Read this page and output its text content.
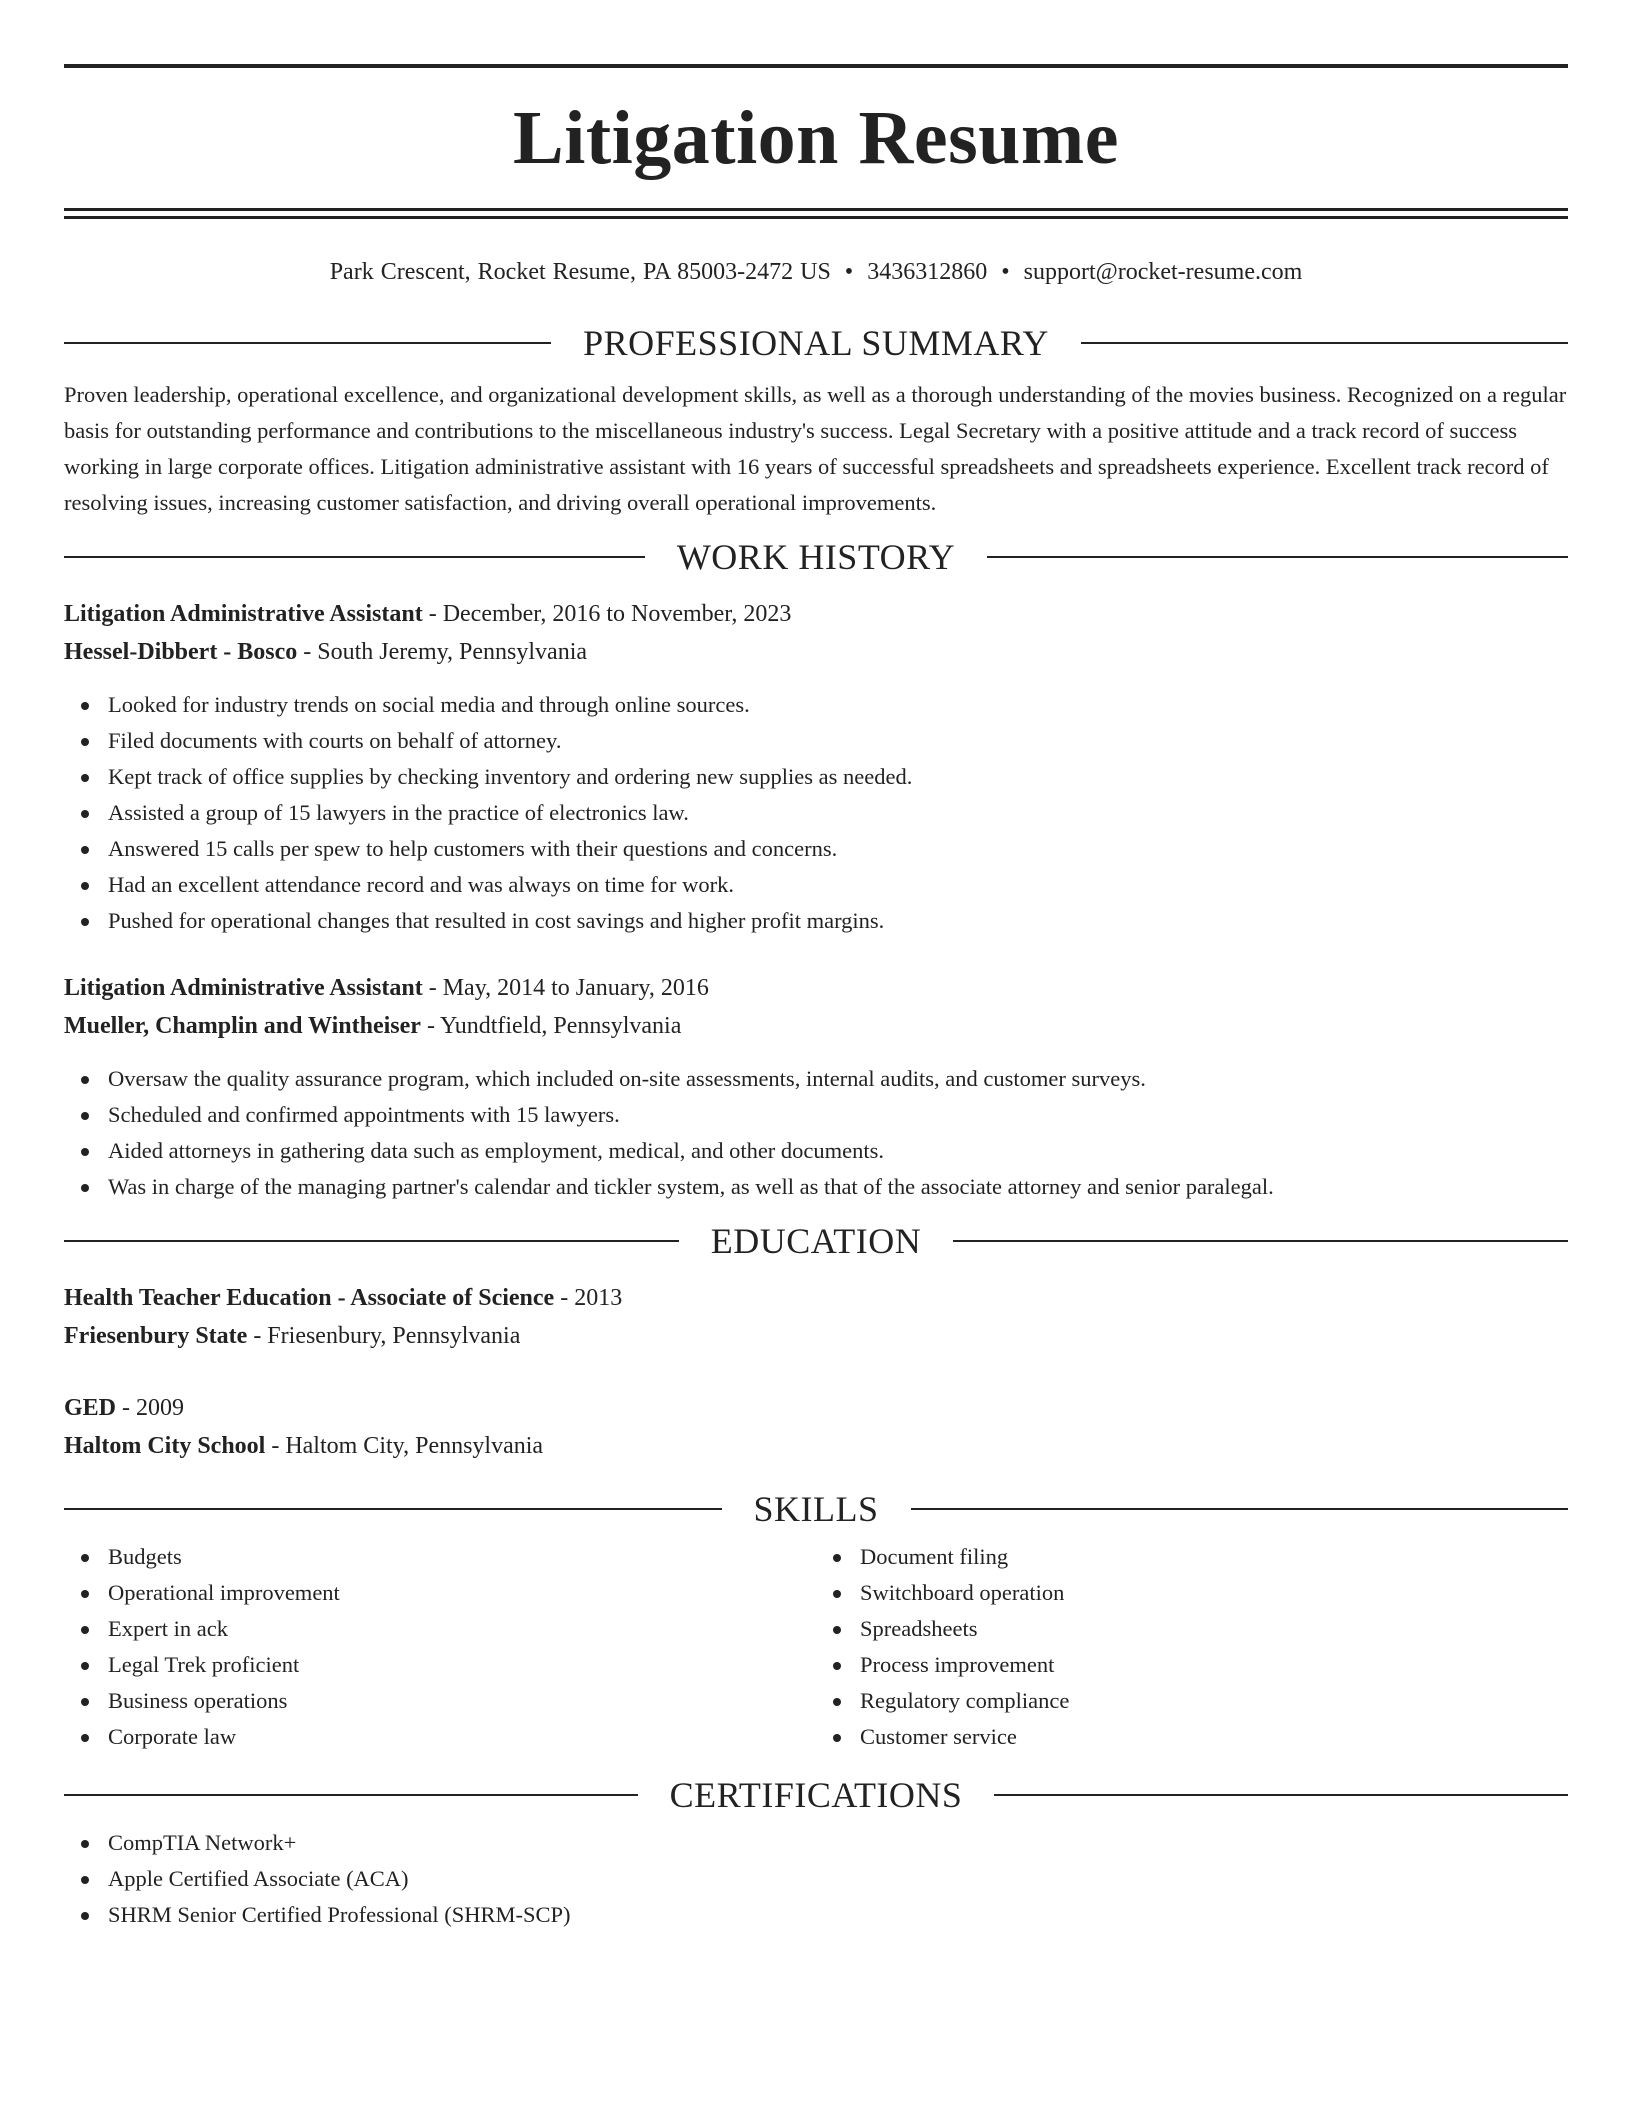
Litigation Resume
Park Crescent, Rocket Resume, PA 85003-2472 US • 3436312860 • support@rocket-resume.com
PROFESSIONAL SUMMARY

Proven leadership, operational excellence, and organizational development skills, as well as a thorough understanding of the movies business. Recognized on a regular basis for outstanding performance and contributions to the miscellaneous industry's success. Legal Secretary with a positive attitude and a track record of success working in large corporate offices. Litigation administrative assistant with 16 years of successful spreadsheets and spreadsheets experience. Excellent track record of resolving issues, increasing customer satisfaction, and driving overall operational improvements.

WORK HISTORY
Litigation Administrative Assistant - December, 2016 to November, 2023
Hessel-Dibbert - Bosco - South Jeremy, Pennsylvania
Looked for industry trends on social media and through online sources.
Filed documents with courts on behalf of attorney.
Kept track of office supplies by checking inventory and ordering new supplies as needed.
Assisted a group of 15 lawyers in the practice of electronics law.
Answered 15 calls per spew to help customers with their questions and concerns.
Had an excellent attendance record and was always on time for work.
Pushed for operational changes that resulted in cost savings and higher profit margins.
Litigation Administrative Assistant - May, 2014 to January, 2016
Mueller, Champlin and Wintheiser - Yundtfield, Pennsylvania
Oversaw the quality assurance program, which included on-site assessments, internal audits, and customer surveys.
Scheduled and confirmed appointments with 15 lawyers.
Aided attorneys in gathering data such as employment, medical, and other documents.
Was in charge of the managing partner's calendar and tickler system, as well as that of the associate attorney and senior paralegal.
EDUCATION
Health Teacher Education - Associate of Science - 2013
Friesenbury State - Friesenbury, Pennsylvania
GED - 2009
Haltom City School - Haltom City, Pennsylvania
SKILLS
Budgets
Operational improvement
Expert in ack
Legal Trek proficient
Business operations
Corporate law
Document filing
Switchboard operation
Spreadsheets
Process improvement
Regulatory compliance
Customer service
CERTIFICATIONS
CompTIA Network+
Apple Certified Associate (ACA)
SHRM Senior Certified Professional (SHRM-SCP)
